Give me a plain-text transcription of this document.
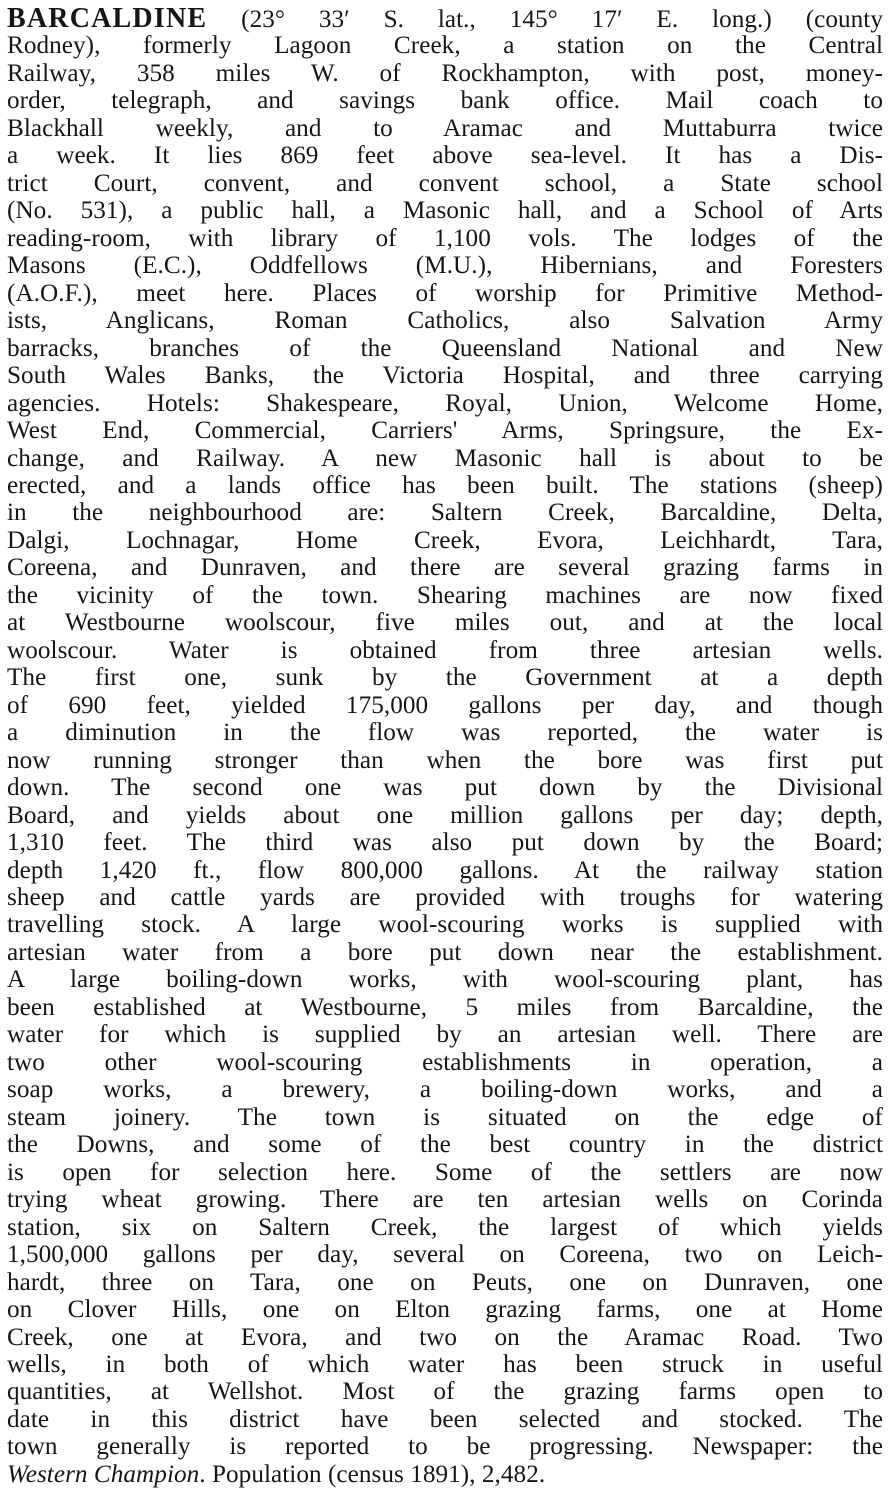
BARCALDINE (23° 33′ S. lat., 145° 17′ E. long.) (county
Rodney), formerly Lagoon Creek, a station on the Central
Railway, 358 miles W. of Rockhampton, with post, money-
order, telegraph, and savings bank office. Mail coach to
Blackhall weekly, and to Aramac and Muttaburra twice
a week. It lies 869 feet above sea-level. It has a Dis-
trict Court, convent, and convent school, a State school
(No. 531), a public hall, a Masonic hall, and a School of Arts
reading-room, with library of 1,100 vols. The lodges of the
Masons (E.C.), Oddfellows (M.U.), Hibernians, and Foresters
(A.O.F.), meet here. Places of worship for Primitive Method-
ists, Anglicans, Roman Catholics, also Salvation Army
barracks, branches of the Queensland National and New
South Wales Banks, the Victoria Hospital, and three carrying
agencies. Hotels: Shakespeare, Royal, Union, Welcome Home,
West End, Commercial, Carriers' Arms, Springsure, the Ex-
change, and Railway. A new Masonic hall is about to be
erected, and a lands office has been built. The stations (sheep)
in the neighbourhood are: Saltern Creek, Barcaldine, Delta,
Dalgi, Lochnagar, Home Creek, Evora, Leichhardt, Tara,
Coreena, and Dunraven, and there are several grazing farms in
the vicinity of the town. Shearing machines are now fixed
at Westbourne woolscour, five miles out, and at the local
woolscour. Water is obtained from three artesian wells.
The first one, sunk by the Government at a depth
of 690 feet, yielded 175,000 gallons per day, and though
a diminution in the flow was reported, the water is
now running stronger than when the bore was first put
down. The second one was put down by the Divisional
Board, and yields about one million gallons per day; depth,
1,310 feet. The third was also put down by the Board;
depth 1,420 ft., flow 800,000 gallons. At the railway station
sheep and cattle yards are provided with troughs for watering
travelling stock. A large wool-scouring works is supplied with
artesian water from a bore put down near the establishment.
A large boiling-down works, with wool-scouring plant, has
been established at Westbourne, 5 miles from Barcaldine, the
water for which is supplied by an artesian well. There are
two other wool-scouring establishments in operation, a
soap works, a brewery, a boiling-down works, and a
steam joinery. The town is situated on the edge of
the Downs, and some of the best country in the district
is open for selection here. Some of the settlers are now
trying wheat growing. There are ten artesian wells on Corinda
station, six on Saltern Creek, the largest of which yields
1,500,000 gallons per day, several on Coreena, two on Leich-
hardt, three on Tara, one on Peuts, one on Dunraven, one
on Clover Hills, one on Elton grazing farms, one at Home
Creek, one at Evora, and two on the Aramac Road. Two
wells, in both of which water has been struck in useful
quantities, at Wellshot. Most of the grazing farms open to
date in this district have been selected and stocked. The
town generally is reported to be progressing. Newspaper: the
Western Champion. Population (census 1891), 2,482.
